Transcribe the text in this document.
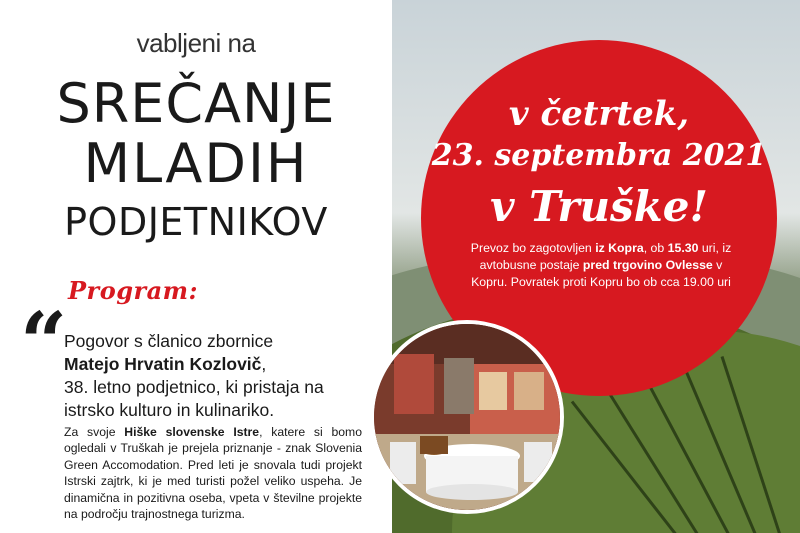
v četrtek,
23. septembra 2021
v Truške!
Prevoz bo zagotovljen iz Kopra, ob 15.30 uri, iz avtobusne postaje pred trgovino Ovlesse v Kopru. Povratek proti Kopru bo ob cca 19.00 uri
vabljeni na
SREČANJE
MLADIH
PODJETNIKOV
Program:
“
Pogovor s članico zbornice
Matejo Hrvatin Kozlovič,
38. letno podjetnico, ki pristaja na istrsko kulturo in kulinariko.
Za svoje Hiške slovenske Istre, katere si bomo ogledali v Truškah je prejela priznanje - znak Slovenia Green Accomodation. Pred leti je snovala tudi projekt Istrski zajtrk, ki je med turisti požel veliko uspeha. Je dinamična in pozitivna oseba, vpeta v številne projekte na področju trajnostnega turizma.
